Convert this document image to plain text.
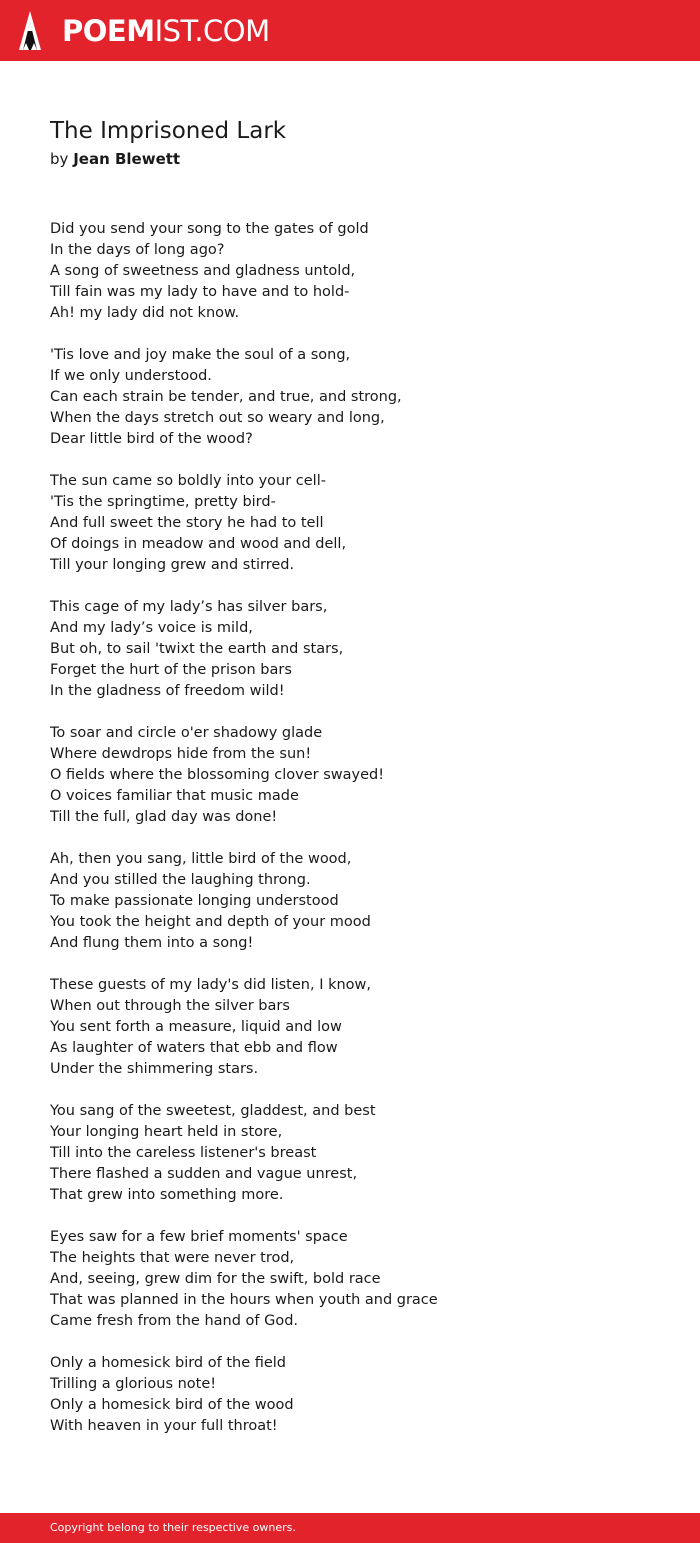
POEMIST.COM
The Imprisoned Lark
by Jean Blewett
Did you send your song to the gates of gold
In the days of long ago?
A song of sweetness and gladness untold,
Till fain was my lady to have and to hold-
Ah! my lady did not know.
'Tis love and joy make the soul of a song,
If we only understood.
Can each strain be tender, and true, and strong,
When the days stretch out so weary and long,
Dear little bird of the wood?
The sun came so boldly into your cell-
'Tis the springtime, pretty bird-
And full sweet the story he had to tell
Of doings in meadow and wood and dell,
Till your longing grew and stirred.
This cage of my lady’s has silver bars,
And my lady’s voice is mild,
But oh, to sail 'twixt the earth and stars,
Forget the hurt of the prison bars
In the gladness of freedom wild!
To soar and circle o'er shadowy glade
Where dewdrops hide from the sun!
O fields where the blossoming clover swayed!
O voices familiar that music made
Till the full, glad day was done!
Ah, then you sang, little bird of the wood,
And you stilled the laughing throng.
To make passionate longing understood
You took the height and depth of your mood
And flung them into a song!
These guests of my lady's did listen, I know,
When out through the silver bars
You sent forth a measure, liquid and low
As laughter of waters that ebb and flow
Under the shimmering stars.
You sang of the sweetest, gladdest, and best
Your longing heart held in store,
Till into the careless listener's breast
There flashed a sudden and vague unrest,
That grew into something more.
Eyes saw for a few brief moments' space
The heights that were never trod,
And, seeing, grew dim for the swift, bold race
That was planned in the hours when youth and grace
Came fresh from the hand of God.
Only a homesick bird of the field
Trilling a glorious note!
Only a homesick bird of the wood
With heaven in your full throat!
Copyright belong to their respective owners.
